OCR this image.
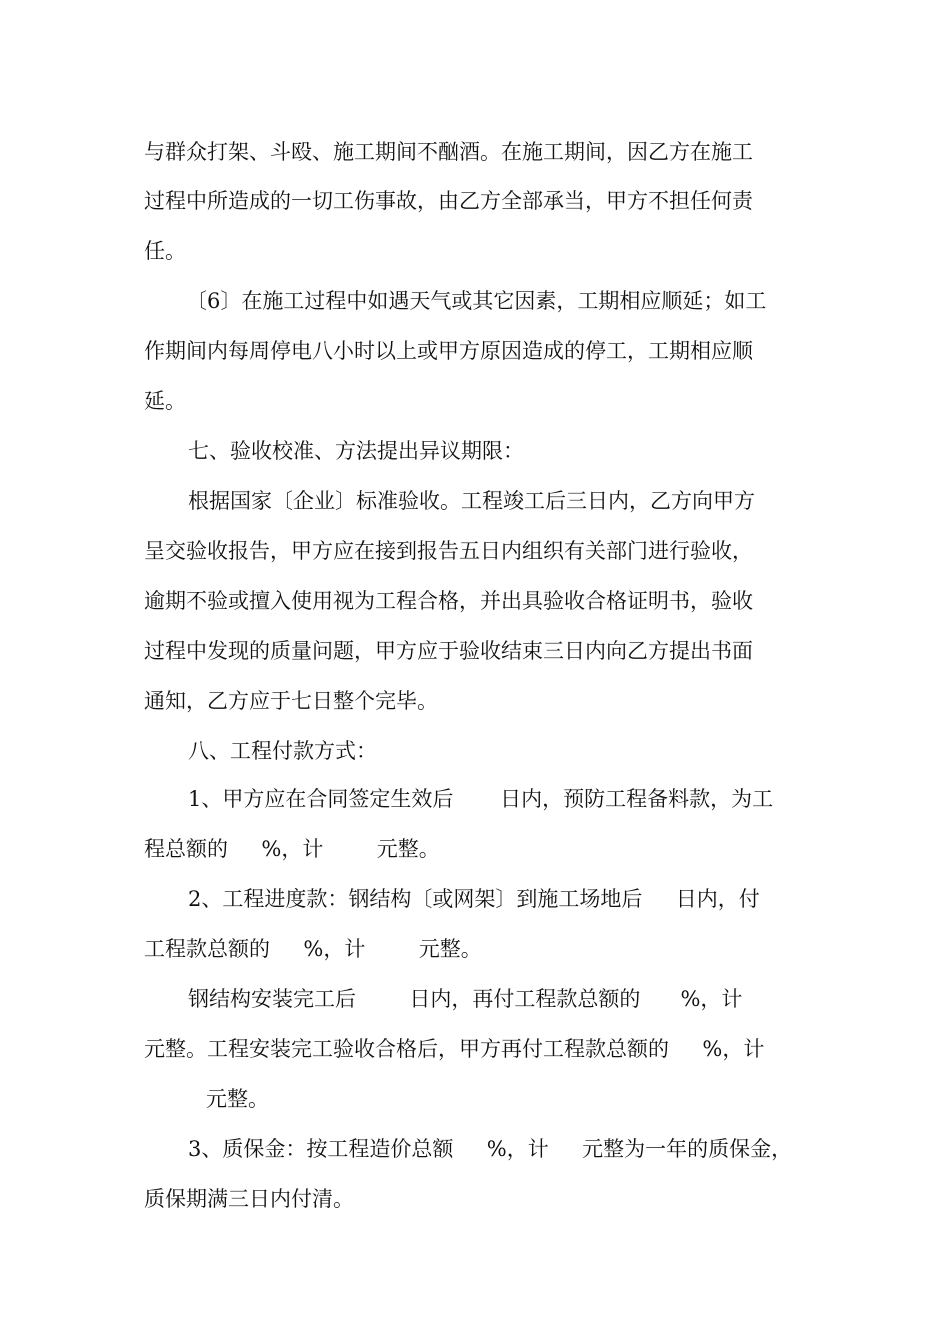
与群众打架、斗殴、施工期间不酗酒。在施工期间，因乙方在施工
过程中所造成的一切工伤事故，由乙方全部承当，甲方不担任何责
任。
〔6〕在施工过程中如遇天气或其它因素，工期相应顺延；如工
作期间内每周停电八小时以上或甲方原因造成的停工，工期相应顺
延。
七、验收校准、方法提出异议期限：
根据国家〔企业〕标准验收。工程竣工后三日内，乙方向甲方
呈交验收报告，甲方应在接到报告五日内组织有关部门进行验收，
逾期不验或擅入使用视为工程合格，并出具验收合格证明书，验收
过程中发现的质量问题，甲方应于验收结束三日内向乙方提出书面
通知，乙方应于七日整个完毕。
八、工程付款方式：
1、甲方应在合同签定生效后       日内，预防工程备料款，为工
程总额的     %，计        元整。
2、工程进度款：钢结构〔或网架〕到施工场地后     日内，付
工程款总额的     %，计        元整。
钢结构安装完工后        日内，再付工程款总额的      %，计
元整。工程安装完工验收合格后，甲方再付工程款总额的     %，计
元整。
3、质保金：按工程造价总额     %，计     元整为一年的质保金，
质保期满三日内付清。
